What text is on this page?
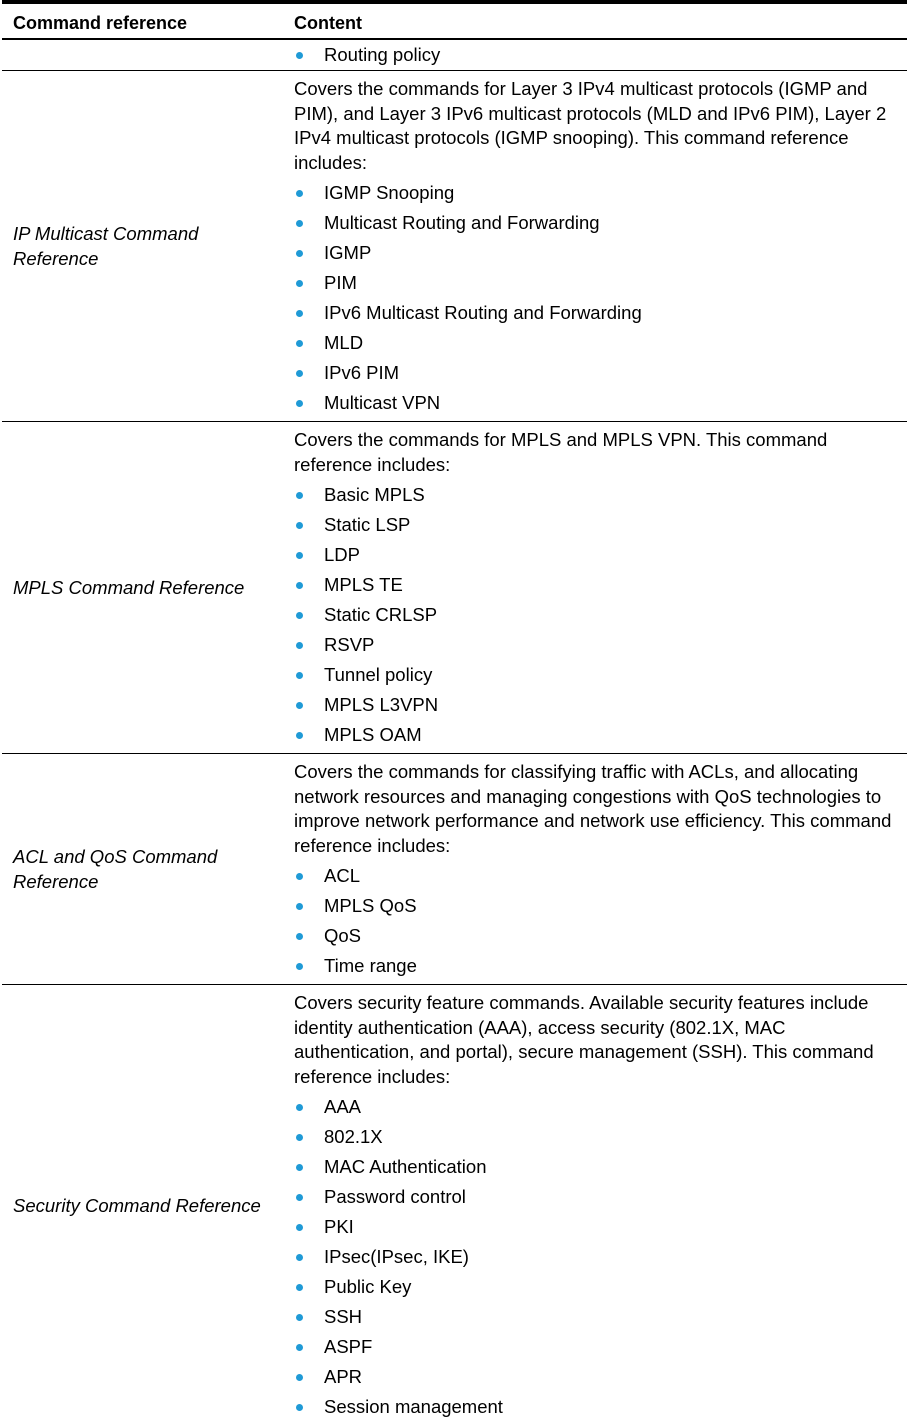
Command reference	Content
Routing policy
IP Multicast Command Reference
Covers the commands for Layer 3 IPv4 multicast protocols (IGMP and PIM), and Layer 3 IPv6 multicast protocols (MLD and IPv6 PIM), Layer 2 IPv4 multicast protocols (IGMP snooping). This command reference includes:
IGMP Snooping
Multicast Routing and Forwarding
IGMP
PIM
IPv6 Multicast Routing and Forwarding
MLD
IPv6 PIM
Multicast VPN
MPLS Command Reference
Covers the commands for MPLS and MPLS VPN. This command reference includes:
Basic MPLS
Static LSP
LDP
MPLS TE
Static CRLSP
RSVP
Tunnel policy
MPLS L3VPN
MPLS OAM
ACL and QoS Command Reference
Covers the commands for classifying traffic with ACLs, and allocating network resources and managing congestions with QoS technologies to improve network performance and network use efficiency. This command reference includes:
ACL
MPLS QoS
QoS
Time range
Security Command Reference
Covers security feature commands. Available security features include identity authentication (AAA), access security (802.1X, MAC authentication, and portal), secure management (SSH). This command reference includes:
AAA
802.1X
MAC Authentication
Password control
PKI
IPsec(IPsec, IKE)
Public Key
SSH
ASPF
APR
Session management
